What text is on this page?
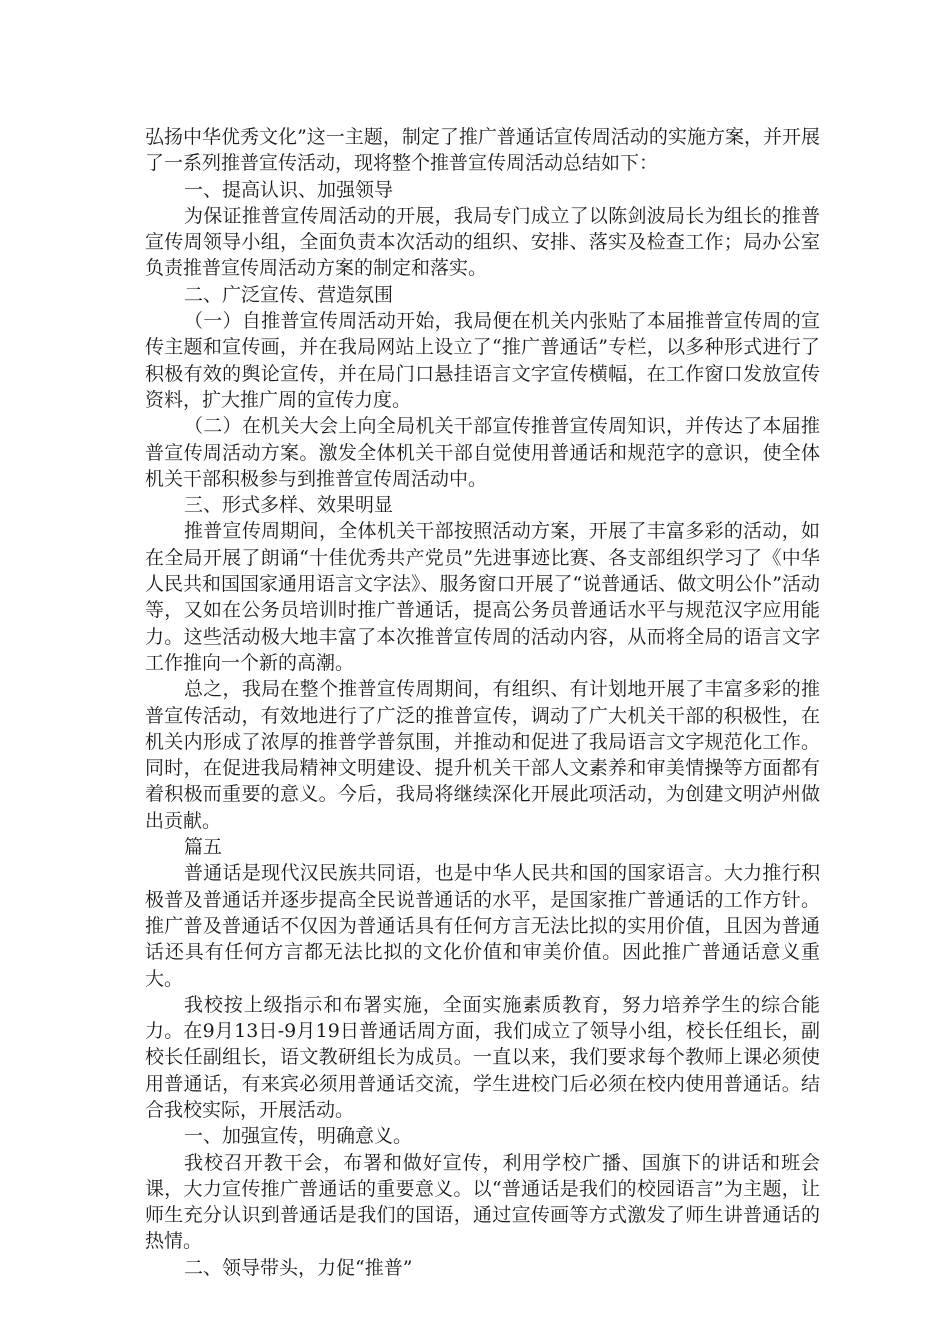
弘扬中华优秀文化”这一主题，制定了推广普通话宣传周活动的实施方案，并开展了一系列推普宣传活动，现将整个推普宣传周活动总结如下：

一、提高认识、加强领导

为保证推普宣传周活动的开展，我局专门成立了以陈剑波局长为组长的推普宣传周领导小组，全面负责本次活动的组织、安排、落实及检查工作；局办公室负责推普宣传周活动方案的制定和落实。

二、广泛宣传、营造氛围

（一）自推普宣传周活动开始，我局便在机关内张贴了本届推普宣传周的宣传主题和宣传画，并在我局网站上设立了“推广普通话”专栏，以多种形式进行了积极有效的舆论宣传，并在局门口悬挂语言文字宣传横幅，在工作窗口发放宣传资料，扩大推广周的宣传力度。

（二）在机关大会上向全局机关干部宣传推普宣传周知识，并传达了本届推普宣传周活动方案。激发全体机关干部自觉使用普通话和规范字的意识，使全体机关干部积极参与到推普宣传周活动中。

三、形式多样、效果明显

推普宣传周期间，全体机关干部按照活动方案，开展了丰富多彩的活动，如在全局开展了朗诵“十佳优秀共产党员”先进事迹比赛、各支部组织学习了《中华人民共和国国家通用语言文字法》、服务窗口开展了“说普通话、做文明公仆”活动等，又如在公务员培训时推广普通话，提高公务员普通话水平与规范汉字应用能力。这些活动极大地丰富了本次推普宣传周的活动内容，从而将全局的语言文字工作推向一个新的高潮。

总之，我局在整个推普宣传周期间，有组织、有计划地开展了丰富多彩的推普宣传活动，有效地进行了广泛的推普宣传，调动了广大机关干部的积极性，在机关内形成了浓厚的推普学普氛围，并推动和促进了我局语言文字规范化工作。同时，在促进我局精神文明建设、提升机关干部人文素养和审美情操等方面都有着积极而重要的意义。今后，我局将继续深化开展此项活动，为创建文明泸州做出贡献。

篇五

普通话是现代汉民族共同语，也是中华人民共和国的国家语言。大力推行积极普及普通话并逐步提高全民说普通话的水平，是国家推广普通话的工作方针。推广普及普通话不仅因为普通话具有任何方言无法比拟的实用价值，且因为普通话还具有任何方言都无法比拟的文化价值和审美价值。因此推广普通话意义重大。

我校按上级指示和布署实施，全面实施素质教育，努力培养学生的综合能力。在9月13日-9月19日普通话周方面，我们成立了领导小组，校长任组长，副校长任副组长，语文教研组长为成员。一直以来，我们要求每个教师上课必须使用普通话，有来宾必须用普通话交流，学生进校门后必须在校内使用普通话。结合我校实际，开展活动。

一、加强宣传，明确意义。

我校召开教干会，布署和做好宣传，利用学校广播、国旗下的讲话和班会课，大力宣传推广普通话的重要意义。以“普通话是我们的校园语言”为主题，让师生充分认识到普通话是我们的国语，通过宣传画等方式激发了师生讲普通话的热情。

二、领导带头，力促“推普”
